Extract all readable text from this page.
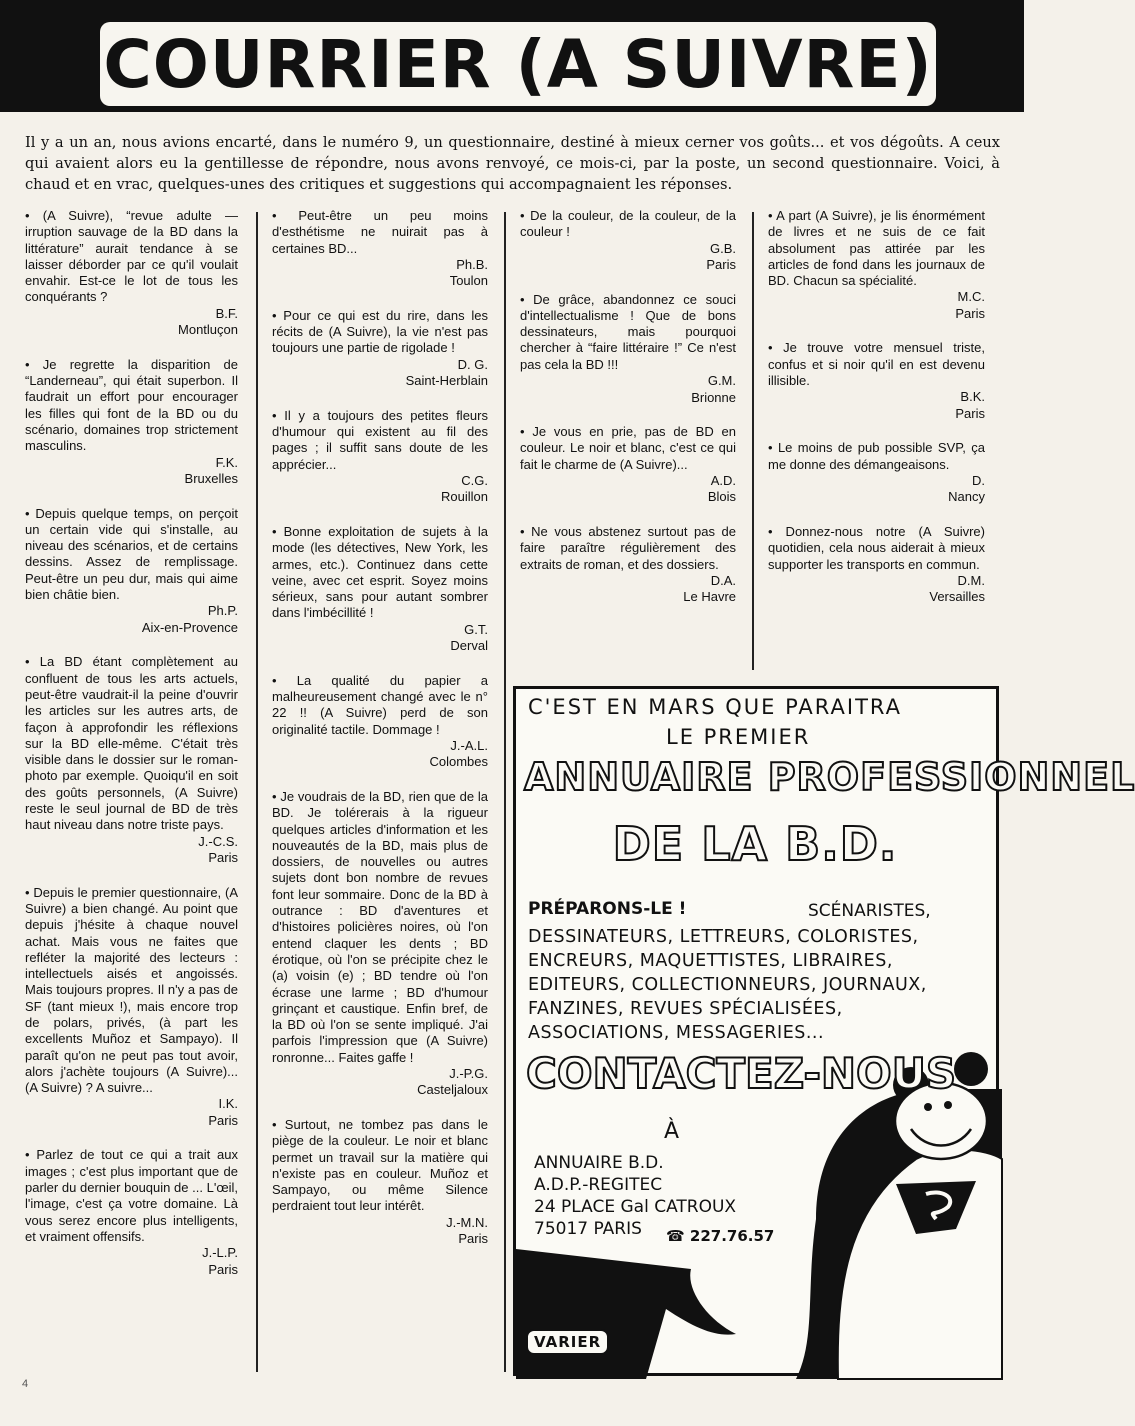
COURRIER (A SUIVRE)

Il y a un an, nous avions encarté, dans le numéro 9, un questionnaire, destiné à mieux cerner vos goûts... et vos dégoûts. A ceux qui avaient alors eu la gentillesse de répondre, nous avons renvoyé, ce mois-ci, par la poste, un second questionnaire. Voici, à chaud et en vrac, quelques-unes des critiques et suggestions qui accompagnaient les réponses.

• (A Suivre), “revue adulte — irruption sauvage de la BD dans la littérature” aurait tendance à se laisser déborder par ce qu'il voulait envahir. Est-ce le lot de tous les conquérants ?

B.F.

Montluçon

• Je regrette la disparition de “Landerneau”, qui était superbon. Il faudrait un effort pour encourager les filles qui font de la BD ou du scénario, domaines trop strictement masculins.

F.K.

Bruxelles

• Depuis quelque temps, on perçoit un certain vide qui s'installe, au niveau des scénarios, et de certains dessins. Assez de remplissage. Peut-être un peu dur, mais qui aime bien châtie bien.

Ph.P.

Aix-en-Provence

• La BD étant complètement au confluent de tous les arts actuels, peut-être vaudrait-il la peine d'ouvrir les articles sur les autres arts, de façon à approfondir les réflexions sur la BD elle-même. C'était très visible dans le dossier sur le roman-photo par exemple. Quoiqu'il en soit des goûts personnels, (A Suivre) reste le seul journal de BD de très haut niveau dans notre triste pays.

J.-C.S.

Paris

• Depuis le premier questionnaire, (A Suivre) a bien changé. Au point que depuis j'hésite à chaque nouvel achat. Mais vous ne faites que refléter la majorité des lecteurs : intellectuels aisés et angoissés. Mais toujours propres. Il n'y a pas de SF (tant mieux !), mais encore trop de polars, privés, (à part les excellents Muñoz et Sampayo). Il paraît qu'on ne peut pas tout avoir, alors j'achète toujours (A Suivre)... (A Suivre) ? A suivre...

I.K.

Paris

• Parlez de tout ce qui a trait aux images ; c'est plus important que de parler du dernier bouquin de ... L'œil, l'image, c'est ça votre domaine. Là vous serez encore plus intelligents, et vraiment offensifs.

J.-L.P.

Paris

• Peut-être un peu moins d'esthétisme ne nuirait pas à certaines BD...

Ph.B.

Toulon

• Pour ce qui est du rire, dans les récits de (A Suivre), la vie n'est pas toujours une partie de rigolade !

D. G.

Saint-Herblain

• Il y a toujours des petites fleurs d'humour qui existent au fil des pages ; il suffit sans doute de les apprécier...

C.G.

Rouillon

• Bonne exploitation de sujets à la mode (les détectives, New York, les armes, etc.). Continuez dans cette veine, avec cet esprit. Soyez moins sérieux, sans pour autant sombrer dans l'imbécillité !

G.T.

Derval

• La qualité du papier a malheureusement changé avec le n° 22 !! (A Suivre) perd de son originalité tactile. Dommage !

J.-A.L.

Colombes

• Je voudrais de la BD, rien que de la BD. Je tolérerais à la rigueur quelques articles d'information et les nouveautés de la BD, mais plus de dossiers, de nouvelles ou autres sujets dont bon nombre de revues font leur sommaire. Donc de la BD à outrance : BD d'aventures et d'histoires policières noires, où l'on entend claquer les dents ; BD érotique, où l'on se précipite chez le (a) voisin (e) ; BD tendre où l'on écrase une larme ; BD d'humour grinçant et caustique. Enfin bref, de la BD où l'on se sente impliqué. J'ai parfois l'impression que (A Suivre) ronronne... Faites gaffe !

J.-P.G.

Casteljaloux

• Surtout, ne tombez pas dans le piège de la couleur. Le noir et blanc permet un travail sur la matière qui n'existe pas en couleur. Muñoz et Sampayo, ou même Silence perdraient tout leur intérêt.

J.-M.N.

Paris

• De la couleur, de la couleur, de la couleur !

G.B.

Paris

• De grâce, abandonnez ce souci d'intellectualisme ! Que de bons dessinateurs, mais pourquoi chercher à “faire littéraire !” Ce n'est pas cela la BD !!!

G.M.

Brionne

• Je vous en prie, pas de BD en couleur. Le noir et blanc, c'est ce qui fait le charme de (A Suivre)...

A.D.

Blois

• Ne vous abstenez surtout pas de faire paraître régulièrement des extraits de roman, et des dossiers.

D.A.

Le Havre

• A part (A Suivre), je lis énormément de livres et ne suis de ce fait absolument pas attirée par les articles de fond dans les journaux de BD. Chacun sa spécialité.

M.C.

Paris

• Je trouve votre mensuel triste, confus et si noir qu'il en est devenu illisible.

B.K.

Paris

• Le moins de pub possible SVP, ça me donne des démangeaisons.

D.

Nancy

• Donnez-nous notre (A Suivre) quotidien, cela nous aiderait à mieux supporter les transports en commun.

D.M.

Versailles

C'EST EN MARS QUE PARAITRA
LE PREMIER
ANNUAIRE PROFESSIONNEL
DE LA B.D.
PRÉPARONS-LE !	SCÉNARISTES,
DESSINATEURS, LETTREURS, COLORISTES,
ENCREURS, MAQUETTISTES, LIBRAIRES,
EDITEURS, COLLECTIONNEURS, JOURNAUX,
FANZINES, REVUES SPÉCIALISÉES,
ASSOCIATIONS, MESSAGERIES...
CONTACTEZ-NOUS
À
ANNUAIRE B.D.
A.D.P.-REGITEC
24 PLACE Gal CATROUX
75017 PARIS ☎ 227.76.57
VARIER
4
